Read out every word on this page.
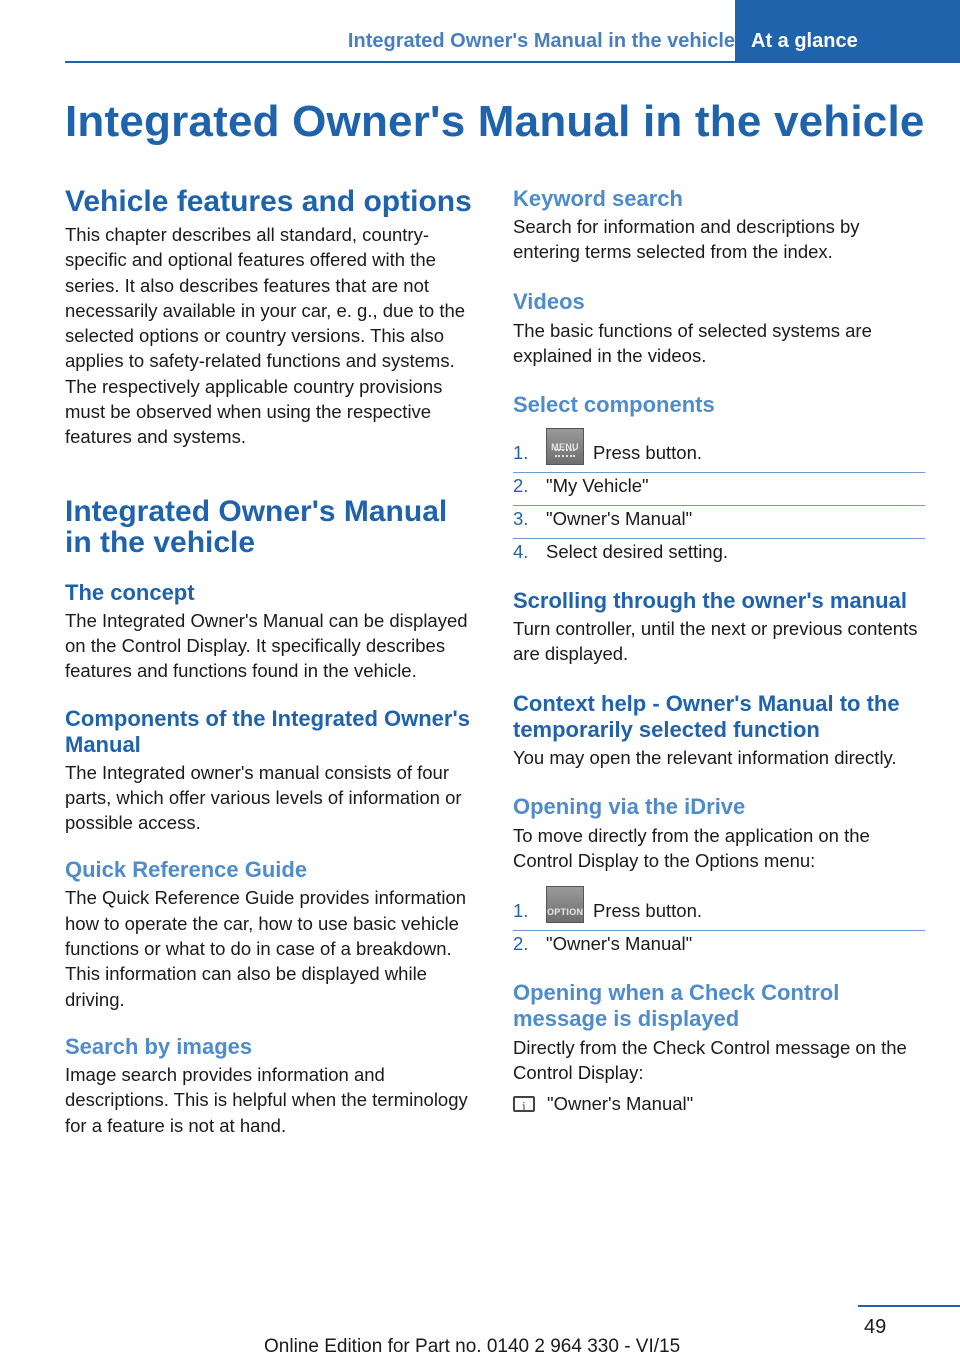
Integrated Owner's Manual in the vehicle At a glance
Integrated Owner's Manual in the vehicle
Vehicle features and options

This chapter describes all standard, country-specific and optional features offered with the series. It also describes features that are not necessarily available in your car, e. g., due to the selected options or country versions. This also applies to safety-related functions and systems. The respectively applicable country provisions must be observed when using the respective features and systems.

Integrated Owner's Manual in the vehicle
The concept

The Integrated Owner's Manual can be displayed on the Control Display. It specifically describes features and functions found in the vehicle.

Components of the Integrated Owner's Manual

The Integrated owner's manual consists of four parts, which offer various levels of information or possible access.

Quick Reference Guide

The Quick Reference Guide provides information how to operate the car, how to use basic vehicle functions or what to do in case of a breakdown. This information can also be displayed while driving.

Search by images

Image search provides information and descriptions. This is helpful when the terminology for a feature is not at hand.

Keyword search

Search for information and descriptions by entering terms selected from the index.

Videos

The basic functions of selected systems are explained in the videos.

Select components
1.	MENU Press button.
2. "My Vehicle"
3. "Owner's Manual"
4. Select desired setting.
Scrolling through the owner's manual

Turn controller, until the next or previous contents are displayed.

Context help - Owner's Manual to the temporarily selected function

You may open the relevant information directly.

Opening via the iDrive

To move directly from the application on the Control Display to the Options menu:

1. OPTION Press button.
2. "Owner's Manual"
Opening when a Check Control message is displayed

Directly from the Check Control message on the Control Display:

i
"Owner's Manual"
49
Online Edition for Part no. 0140 2 964 330 - VI/15
